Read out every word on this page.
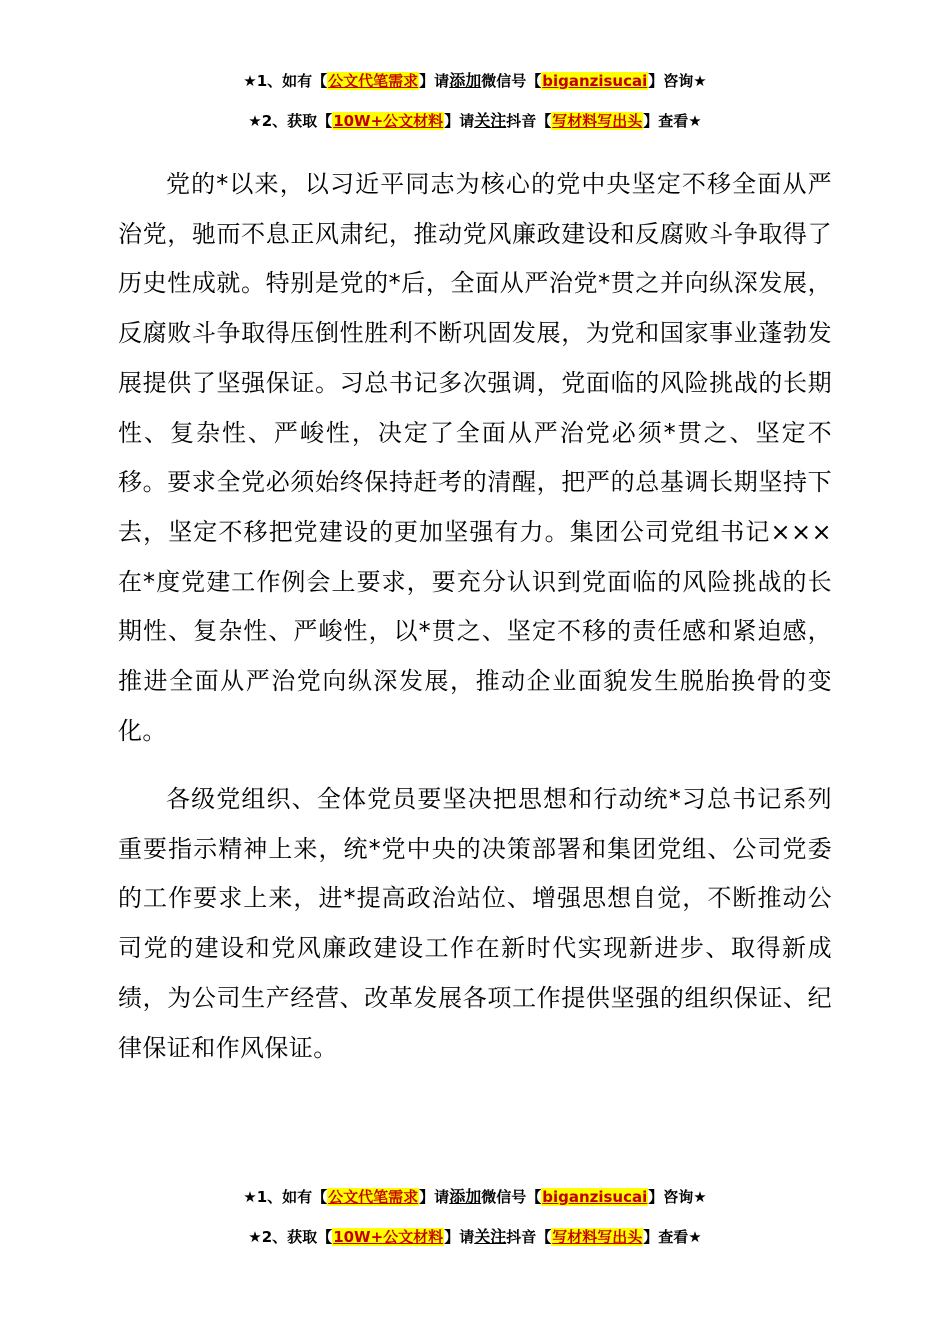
★1、如有【公文代笔需求】请添加微信号【biganzisucai】咨询★
★2、获取【10W+公文材料】请关注抖音【写材料写出头】查看★

党的*以来，以习近平同志为核心的党中央坚定不移全面从严治党，驰而不息正风肃纪，推动党风廉政建设和反腐败斗争取得了历史性成就。特别是党的*后，全面从严治党*贯之并向纵深发展，反腐败斗争取得压倒性胜利不断巩固发展，为党和国家事业蓬勃发展提供了坚强保证。习总书记多次强调，党面临的风险挑战的长期性、复杂性、严峻性，决定了全面从严治党必须*贯之、坚定不移。要求全党必须始终保持赶考的清醒，把严的总基调长期坚持下去，坚定不移把党建设的更加坚强有力。集团公司党组书记×××在*度党建工作例会上要求，要充分认识到党面临的风险挑战的长期性、复杂性、严峻性，以*贯之、坚定不移的责任感和紧迫感，推进全面从严治党向纵深发展，推动企业面貌发生脱胎换骨的变化。

各级党组织、全体党员要坚决把思想和行动统*习总书记系列重要指示精神上来，统*党中央的决策部署和集团党组、公司党委的工作要求上来，进*提高政治站位、增强思想自觉，不断推动公司党的建设和党风廉政建设工作在新时代实现新进步、取得新成绩，为公司生产经营、改革发展各项工作提供坚强的组织保证、纪律保证和作风保证。

★1、如有【公文代笔需求】请添加微信号【biganzisucai】咨询★
★2、获取【10W+公文材料】请关注抖音【写材料写出头】查看★
